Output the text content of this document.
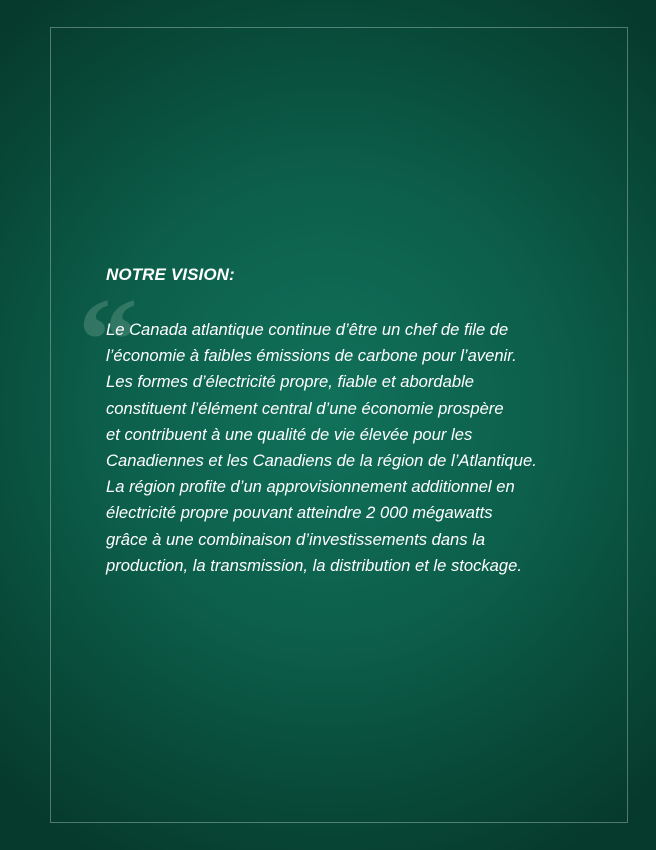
“
NOTRE VISION:

Le Canada atlantique continue d’être un chef de file de
l’économie à faibles émissions de carbone pour l’avenir.
Les formes d’électricité propre, fiable et abordable
constituent l’élément central d’une économie prospère
et contribuent à une qualité de vie élevée pour les
Canadiennes et les Canadiens de la région de l’Atlantique.
La région profite d’un approvisionnement additionnel en
électricité propre pouvant atteindre 2 000 mégawatts
grâce à une combinaison d’investissements dans la
production, la transmission, la distribution et le stockage.
